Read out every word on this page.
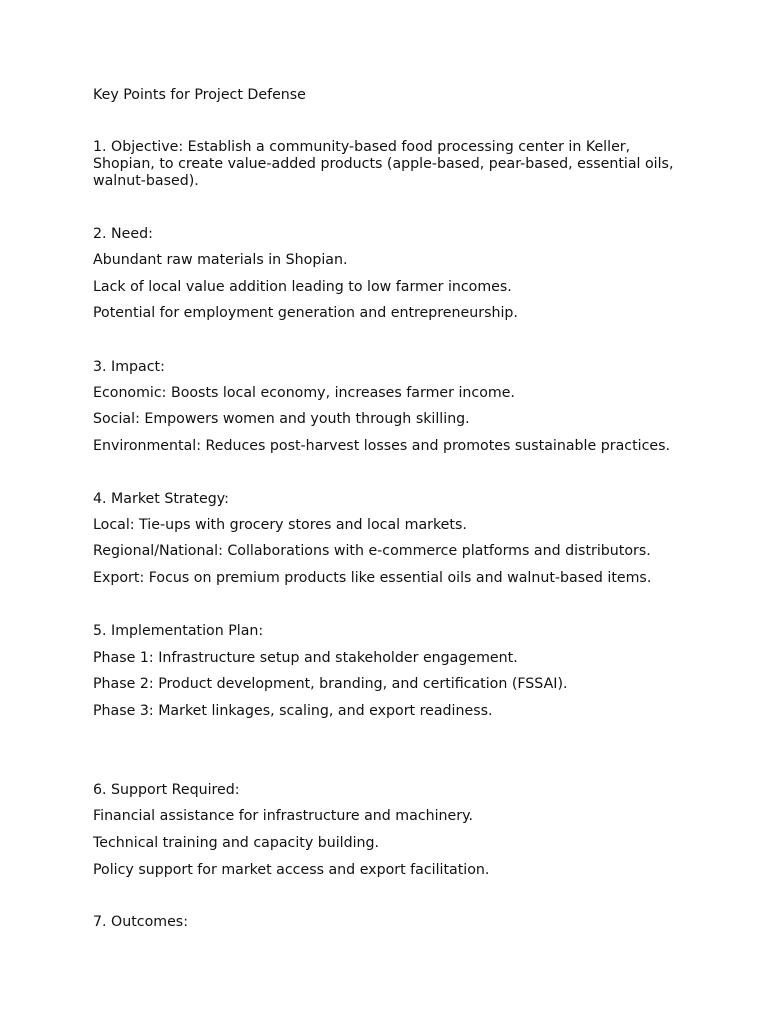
Key Points for Project Defense
1. Objective: Establish a community-based food processing center in Keller, Shopian, to create value-added products (apple-based, pear-based, essential oils, walnut-based).
2. Need:
Abundant raw materials in Shopian.
Lack of local value addition leading to low farmer incomes.
Potential for employment generation and entrepreneurship.
3. Impact:
Economic: Boosts local economy, increases farmer income.
Social: Empowers women and youth through skilling.
Environmental: Reduces post-harvest losses and promotes sustainable practices.
4. Market Strategy:
Local: Tie-ups with grocery stores and local markets.
Regional/National: Collaborations with e-commerce platforms and distributors.
Export: Focus on premium products like essential oils and walnut-based items.
5. Implementation Plan:
Phase 1: Infrastructure setup and stakeholder engagement.
Phase 2: Product development, branding, and certification (FSSAI).
Phase 3: Market linkages, scaling, and export readiness.
6. Support Required:
Financial assistance for infrastructure and machinery.
Technical training and capacity building.
Policy support for market access and export facilitation.
7. Outcomes:
